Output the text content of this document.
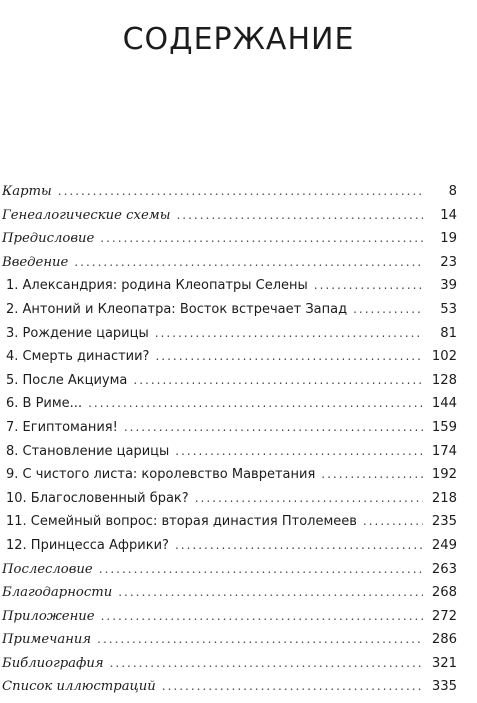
СОДЕРЖАНИЕ
Карты .....	8
Генеалогические схемы .....	14
Предисловие .....	19
Введение .....	23
1. Александрия: родина Клеопатры Селены .....	39
2. Антоний и Клеопатра: Восток встречает Запад .....	53
3. Рождение царицы .....	81
4. Смерть династии? .....	102
5. После Акциума .....	128
6. В Риме... .....	144
7. Египтомания! .....	159
8. Становление царицы .....	174
9. С чистого листа: королевство Мавретания .....	192
10. Благословенный брак? .....	218
11. Семейный вопрос: вторая династия Птолемеев .....	235
12. Принцесса Африки? .....	249
Послесловие .....	263
Благодарности .....	268
Приложение .....	272
Примечания .....	286
Библиография .....	321
Список иллюстраций .....	335
